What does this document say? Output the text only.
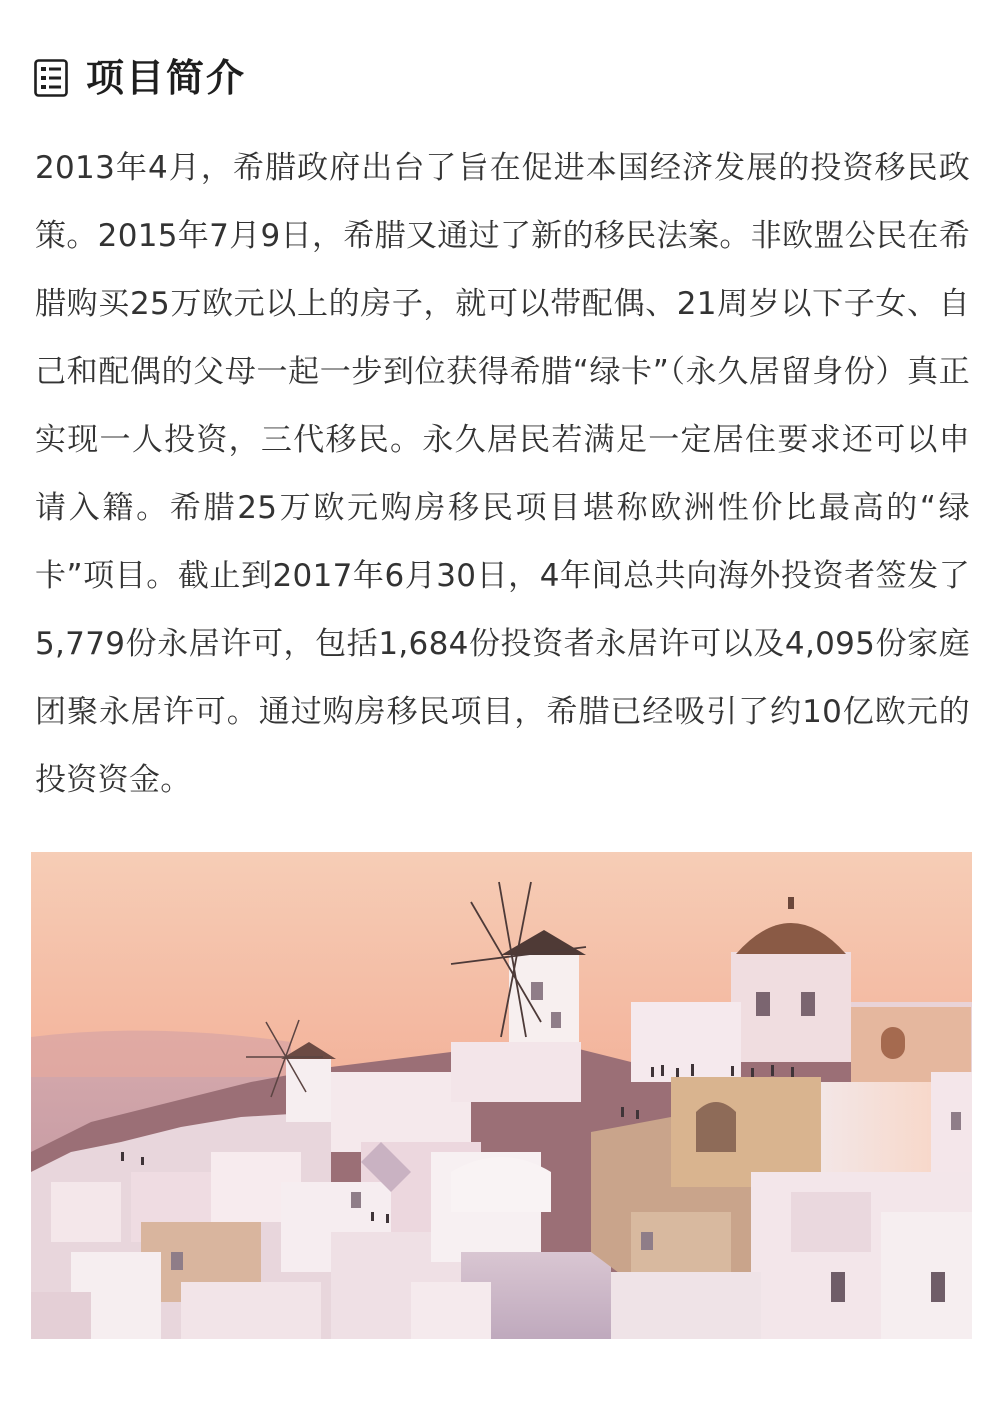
项目简介

2013年4月，希腊政府出台了旨在促进本国经济发展的投资移民政策。2015年7月9日，希腊又通过了新的移民法案。非欧盟公民在希腊购买25万欧元以上的房子，就可以带配偶、21周岁以下子女、自己和配偶的父母一起一步到位获得希腊“绿卡”（永久居留身份）真正实现一人投资，三代移民。永久居民若满足一定居住要求还可以申请入籍。希腊25万欧元购房移民项目堪称欧洲性价比最高的“绿卡”项目。截止到2017年6月30日，4年间总共向海外投资者签发了5,779份永居许可，包括1,684份投资者永居许可以及4,095份家庭团聚永居许可。通过购房移民项目，希腊已经吸引了约10亿欧元的投资资金。
